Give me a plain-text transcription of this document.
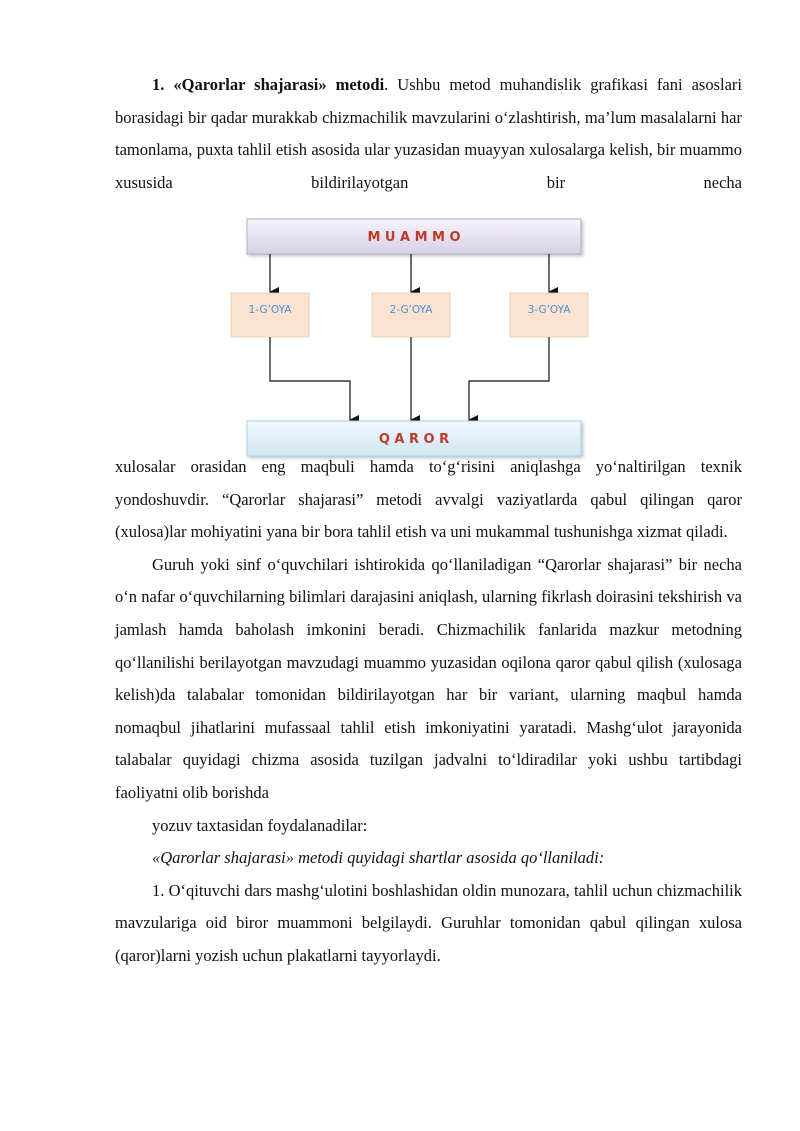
1. «Qarorlar shajarasi» metodi. Ushbu metod muhandislik grafikasi fani asoslari borasidagi bir qadar murakkab chizmachilik mavzularini o‘zlashtirish, ma’lum masalalarni har tamonlama, puxta tahlil etish asosida ular yuzasidan muayyan xulosalarga kelish, bir muammo xususida bildirilayotgan bir necha

M U A M M O
1-G’OYA	2-G’OYA	3-G’OYA
Q A R O R

xulosalar orasidan eng maqbuli hamda to‘g‘risini aniqlashga yo‘naltirilgan texnik yondoshuvdir. “Qarorlar shajarasi” metodi avvalgi vaziyatlarda qabul qilingan qaror (xulosa)lar mohiyatini yana bir bora tahlil etish va uni mukammal tushunishga xizmat qiladi.

Guruh yoki sinf o‘quvchilari ishtirokida qo‘llaniladigan “Qarorlar shajarasi” bir necha o‘n nafar o‘quvchilarning bilimlari darajasini aniqlash, ularning fikrlash doirasini tekshirish va jamlash hamda baholash imkonini beradi. Chizmachilik fanlarida mazkur metodning qo‘llanilishi berilayotgan mavzudagi muammo yuzasidan oqilona qaror qabul qilish (xulosaga kelish)da talabalar tomonidan bildirilayotgan har bir variant, ularning maqbul hamda nomaqbul jihatlarini mufassaal tahlil etish imkoniyatini yaratadi. Mashg‘ulot jarayonida talabalar quyidagi chizma asosida tuzilgan jadvalni to‘ldiradilar yoki ushbu tartibdagi faoliyatni olib borishda

yozuv taxtasidan foydalanadilar:

«Qarorlar shajarasi» metodi quyidagi shartlar asosida qo‘llaniladi:

1. O‘qituvchi dars mashg‘ulotini boshlashidan oldin munozara, tahlil uchun chizmachilik mavzulariga oid biror muammoni belgilaydi. Guruhlar tomonidan qabul qilingan xulosa (qaror)larni yozish uchun plakatlarni tayyorlaydi.
